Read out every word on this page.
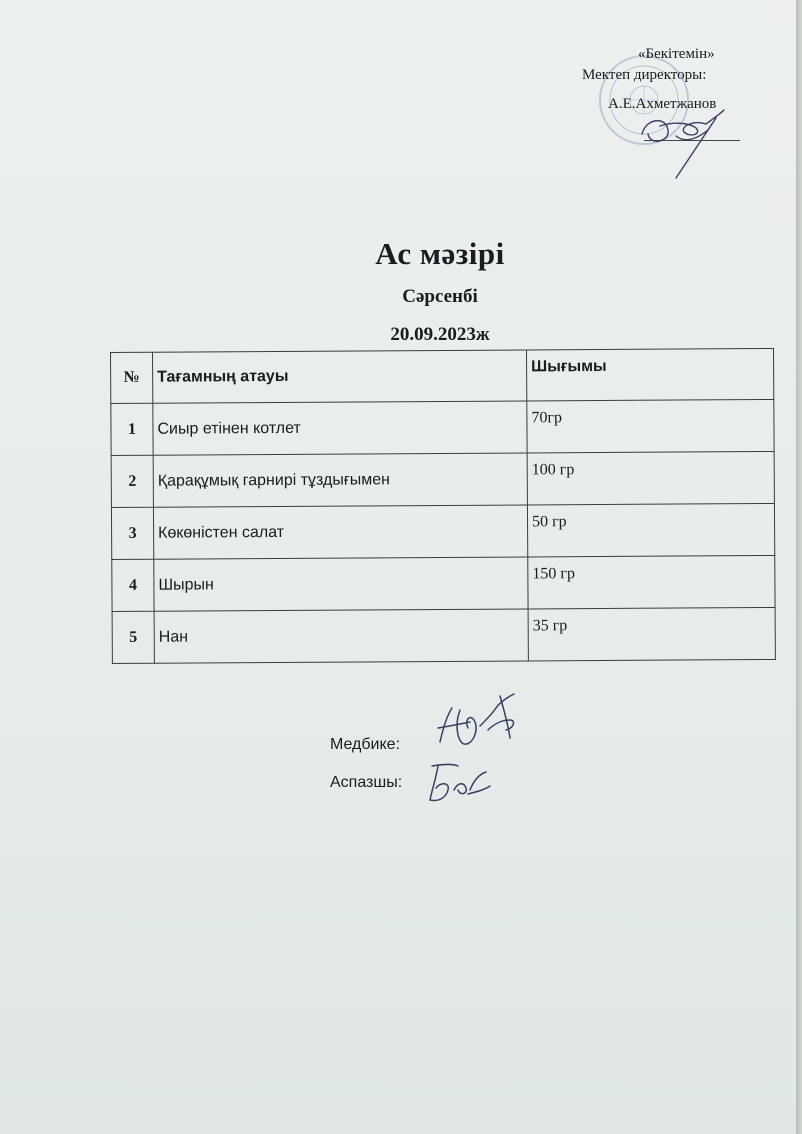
«Бекітемін»
Мектеп директоры:
А.Е.Ахметжанов
Ас мәзірі
Сәрсенбі
20.09.2023ж
№	Тағамның атауы	Шығымы
1	Сиыр етінен котлет	70гр
2	Қарақұмық гарнирі тұздығымен	100 гр
3	Көкөністен салат	50 гр
4	Шырын	150 гр
5	Нан	35 гр
Медбике:
Аспазшы:
